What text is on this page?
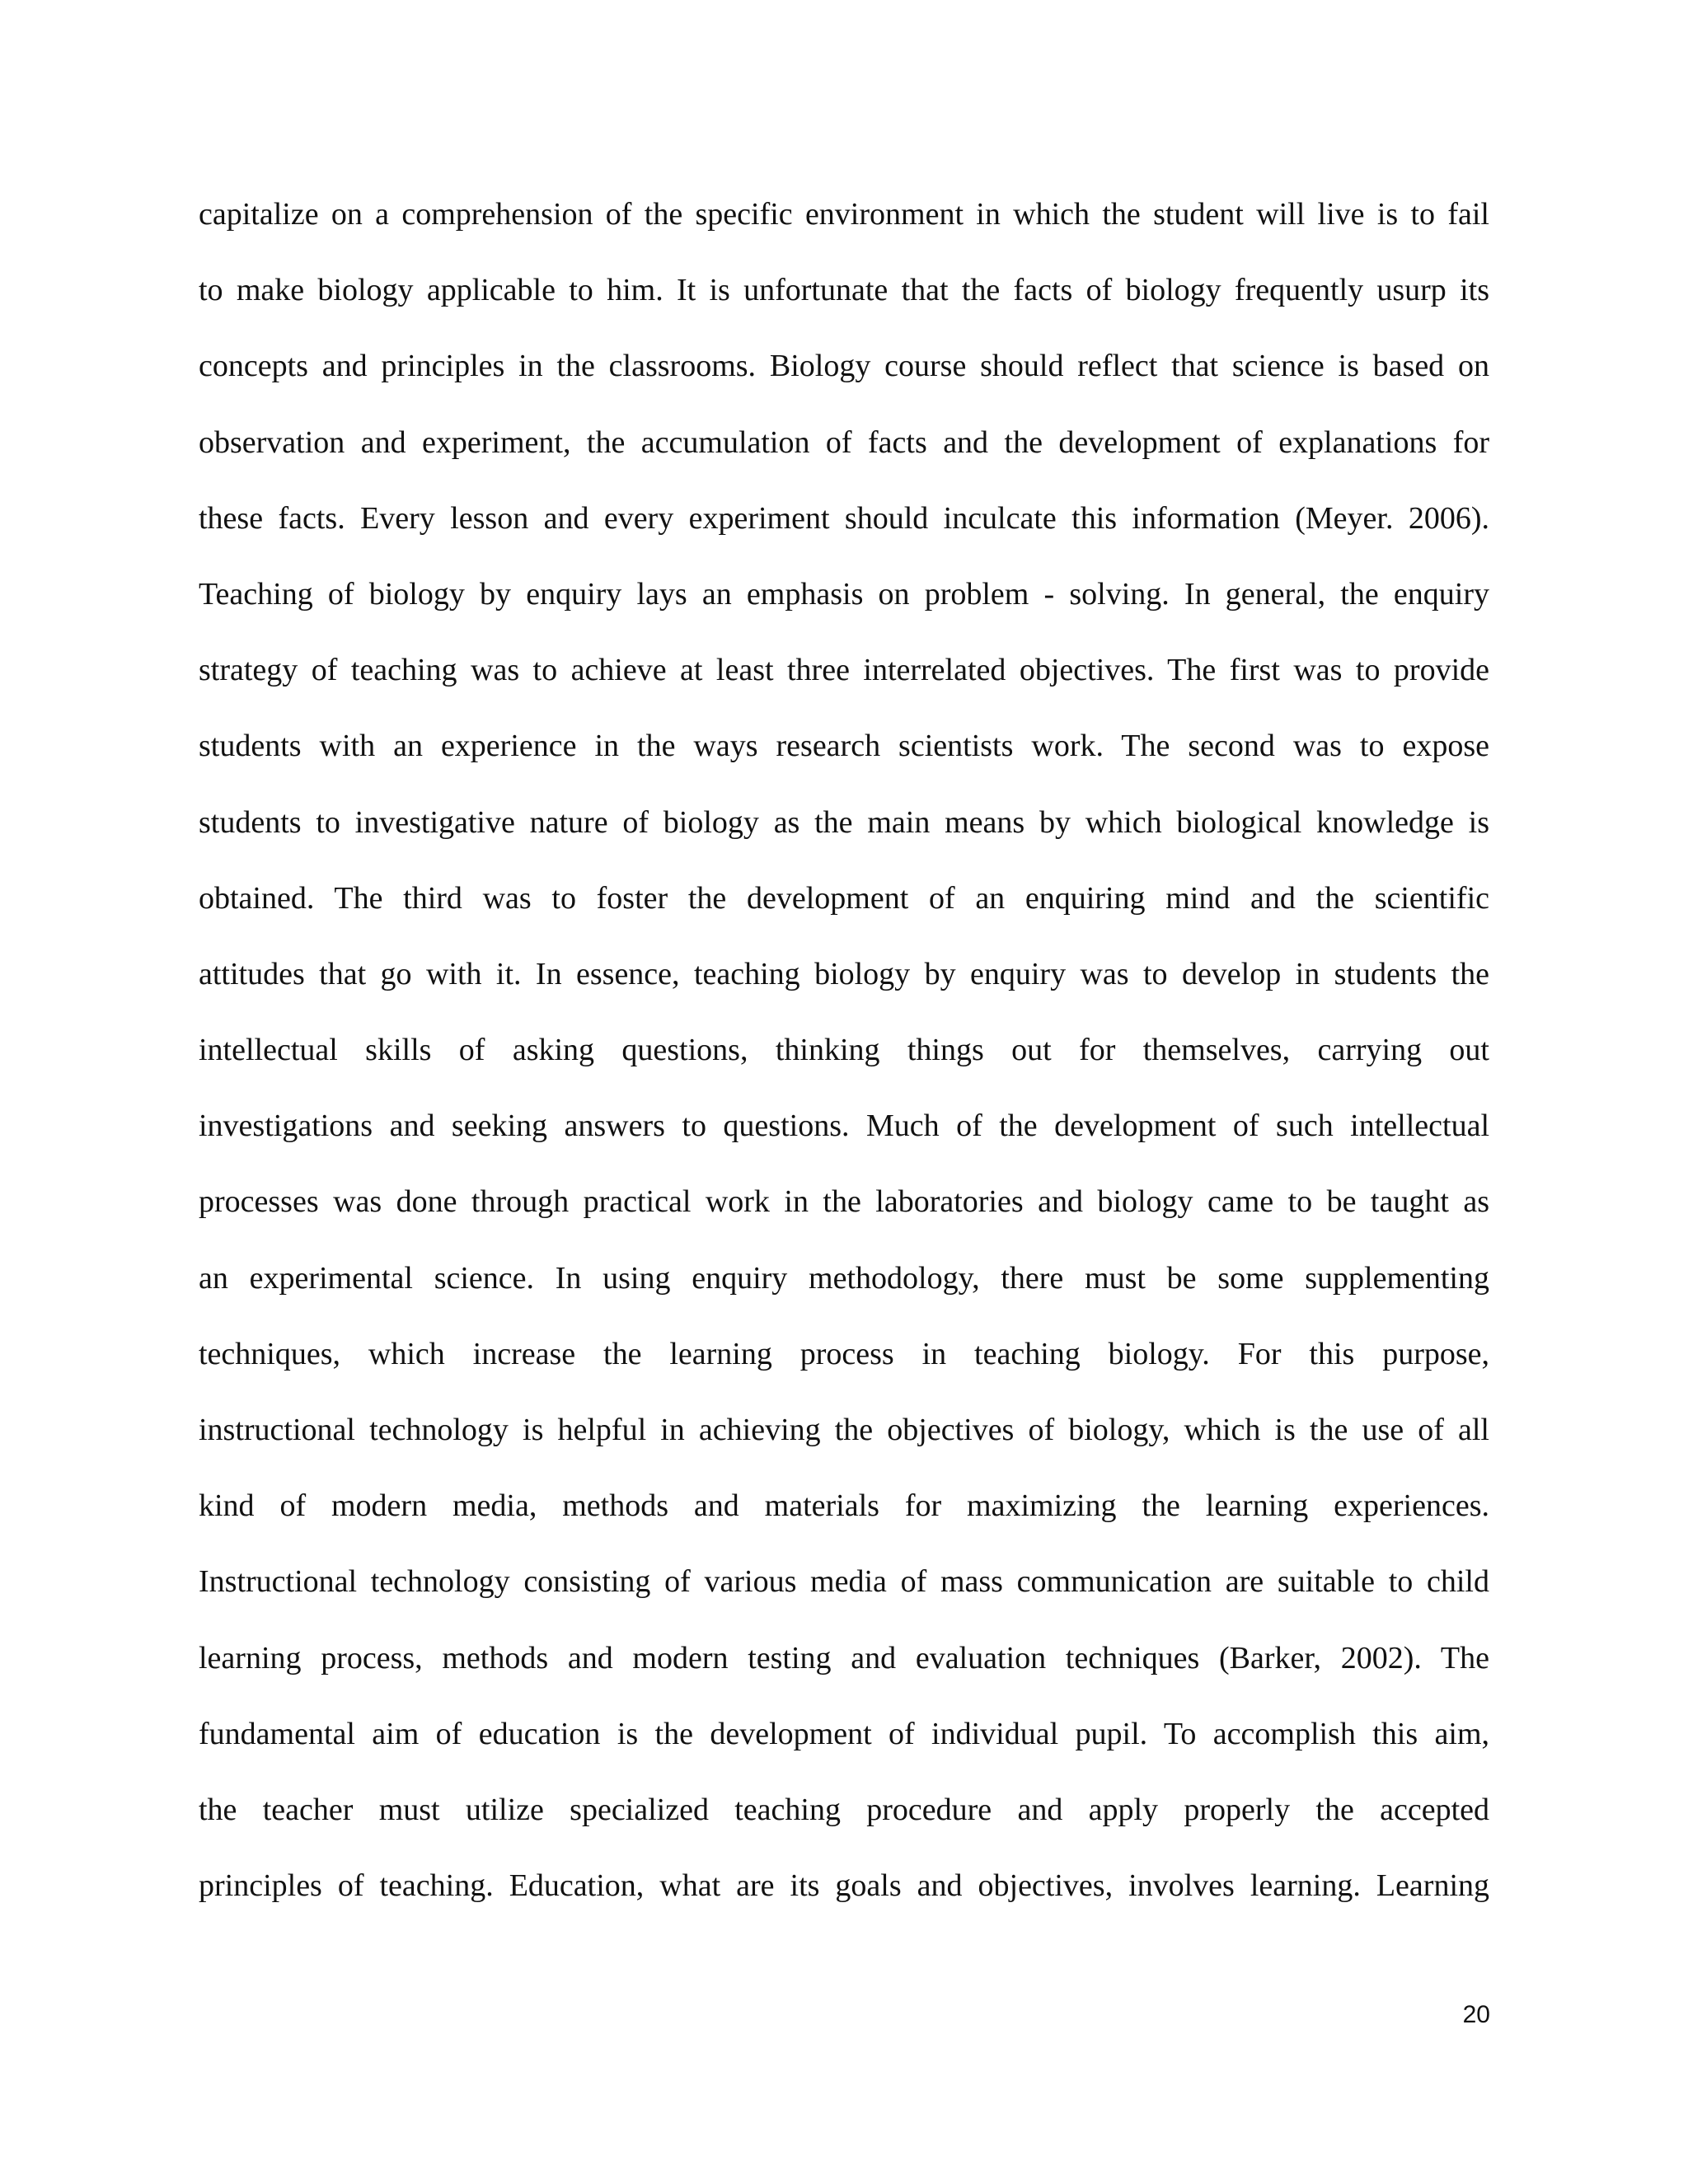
capitalize on a comprehension of the specific environment in which the student will live is to fail
to make biology applicable to him. It is unfortunate that the facts of biology frequently usurp its
concepts and principles in the classrooms. Biology course should reflect that science is based on
observation and experiment, the accumulation of facts and the development of explanations for
these facts. Every lesson and every experiment should inculcate this information (Meyer. 2006).
Teaching of biology by enquiry lays an emphasis on problem - solving. In general, the enquiry
strategy of teaching was to achieve at least three interrelated objectives. The first was to provide
students with an experience in the ways research scientists work. The second was to expose
students to investigative nature of biology as the main means by which biological knowledge is
obtained. The third was to foster the development of an enquiring mind and the scientific
attitudes that go with it. In essence, teaching biology by enquiry was to develop in students the
intellectual skills of asking questions, thinking things out for themselves, carrying out
investigations and seeking answers to questions. Much of the development of such intellectual
processes was done through practical work in the laboratories and biology came to be taught as
an experimental science. In using enquiry methodology, there must be some supplementing
techniques, which increase the learning process in teaching biology. For this purpose,
instructional technology is helpful in achieving the objectives of biology, which is the use of all
kind of modern media, methods and materials for maximizing the learning experiences.
Instructional technology consisting of various media of mass communication are suitable to child
learning process, methods and modern testing and evaluation techniques (Barker, 2002). The
fundamental aim of education is the development of individual pupil. To accomplish this aim,
the teacher must utilize specialized teaching procedure and apply properly the accepted
principles of teaching. Education, what are its goals and objectives, involves learning. Learning
20
